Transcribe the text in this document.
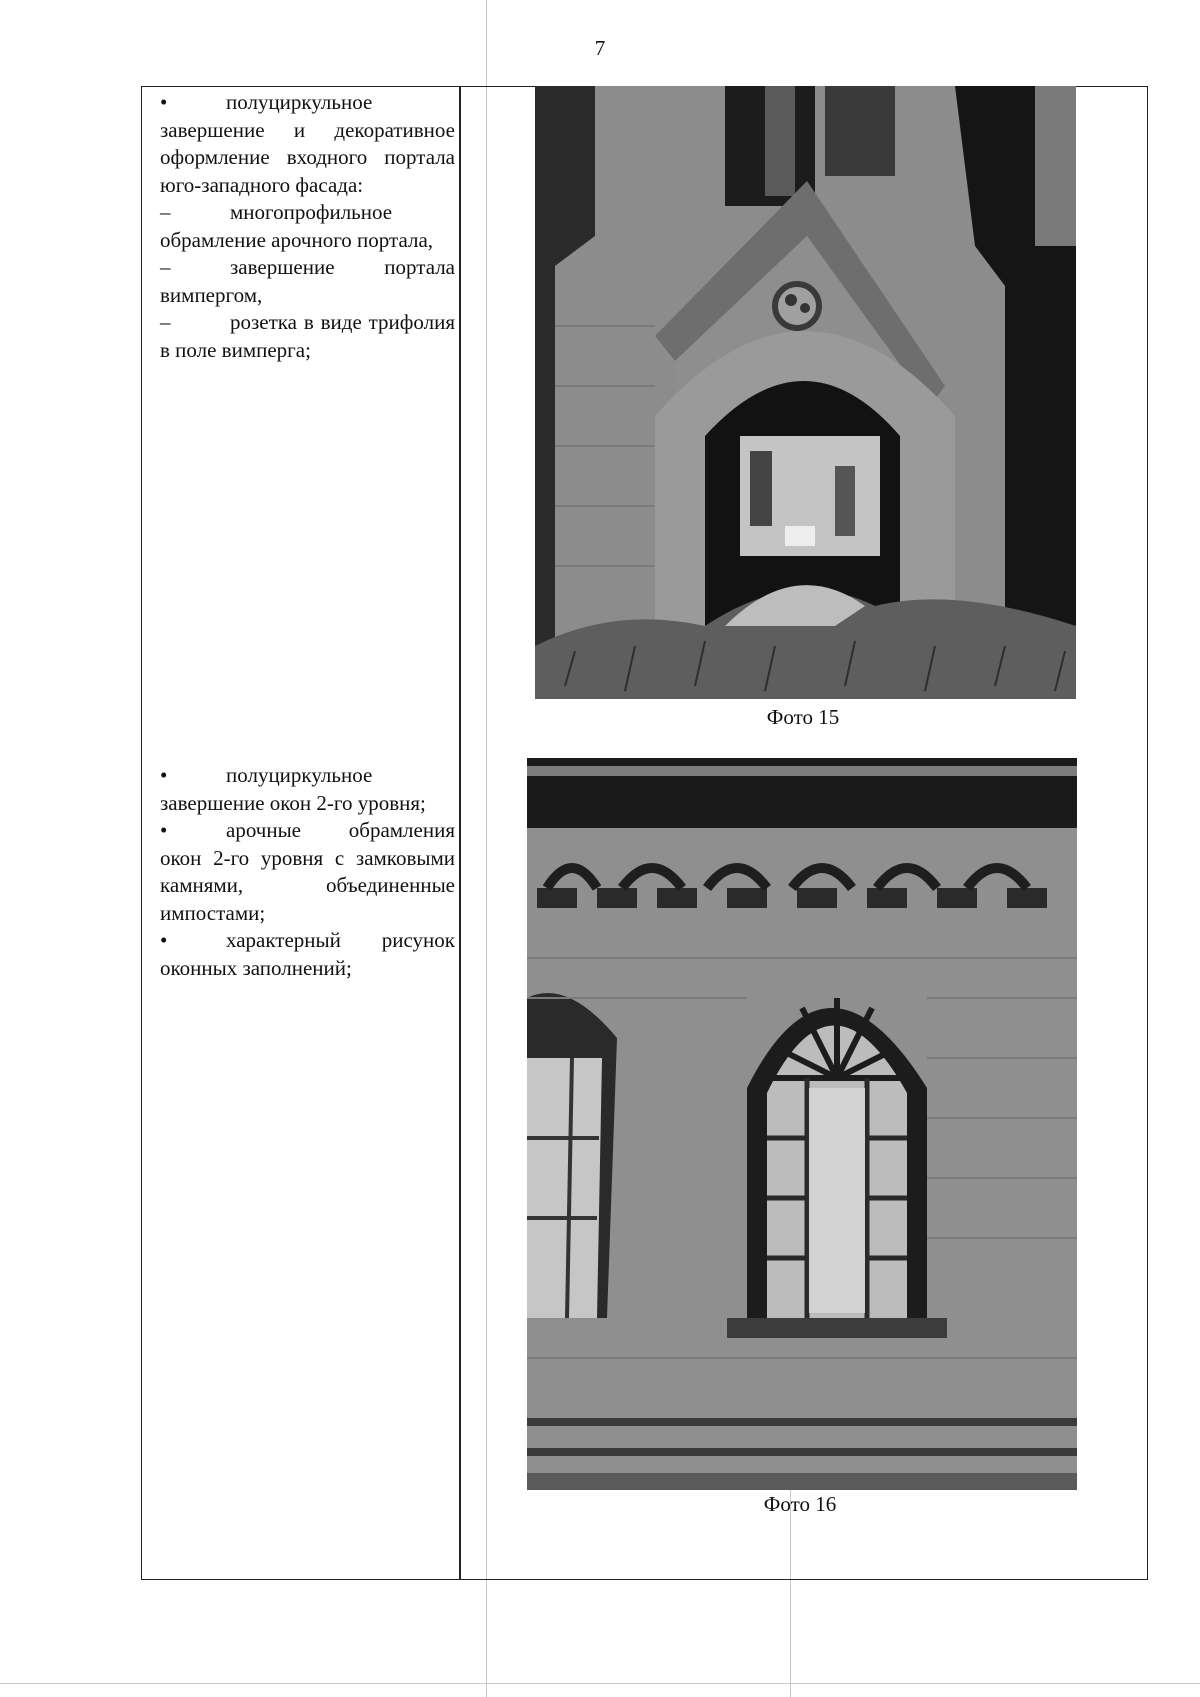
7
•	полуциркульное завершение и декоративное оформление входного портала юго-западного фасада:
–	многопрофильное обрамление арочного портала,
–	завершение портала вимпергом,
–	розетка в виде трифолия в поле вимперга;
•	полуциркульное завершение окон 2-го уровня;
•	арочные обрамления окон 2-го уровня с замковыми камнями, объединенные импостами;
•	характерный рисунок оконных заполнений;
Фото 15
Фото 16
